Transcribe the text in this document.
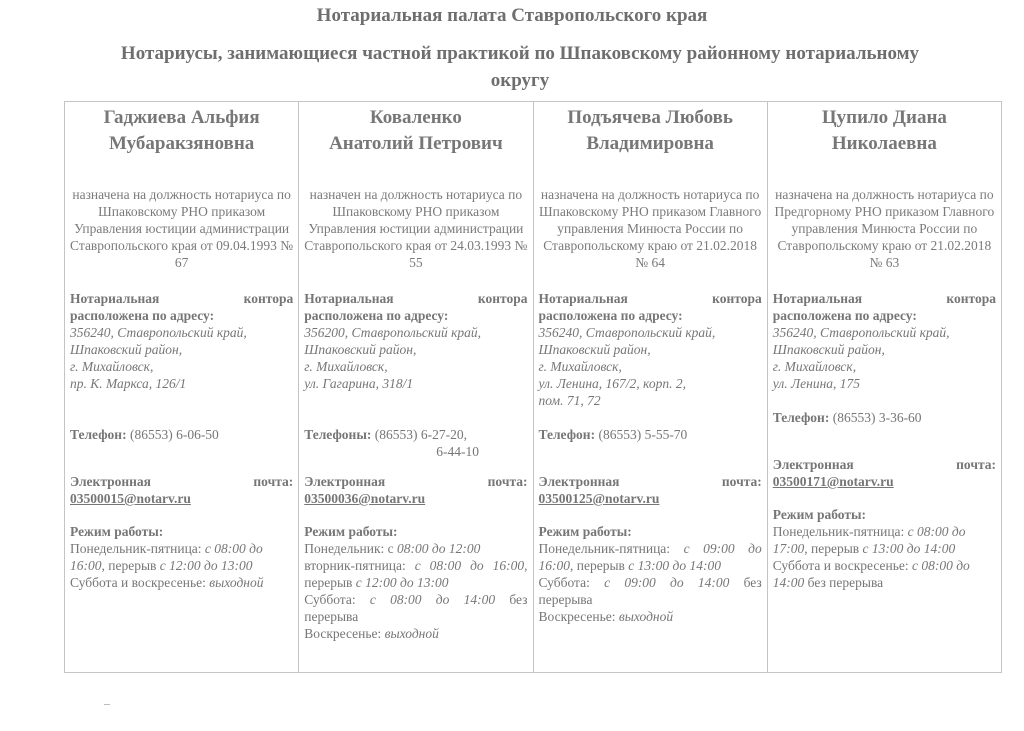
Нотариальная палата Ставропольского края
Нотариусы, занимающиеся частной практикой по Шпаковскому районному нотариальному округу
Гаджиева Альфия
Мубаракзяновна
назначена на должность нотариуса по Шпаковскому РНО приказом Управления юстиции администрации Ставропольского края от 09.04.1993 № 67
Нотариальная	контора
расположена по адресу:
356240, Ставропольский край,
Шпаковский район,
г. Михайловск,
пр. К. Маркса, 126/1
Телефон: (86553) 6-06-50
Электронная	почта:
03500015@notarv.ru
Режим работы:
Понедельник-пятница: с 08:00 до 16:00, перерыв с 12:00 до 13:00
Суббота и воскресенье: выходной

Коваленко
Анатолий Петрович
назначен на должность нотариуса по Шпаковскому РНО приказом Управления юстиции администрации Ставропольского края от 24.03.1993 № 55
Нотариальная	контора
расположена по адресу:
356200, Ставропольский край,
Шпаковский район,
г. Михайловск,
ул. Гагарина, 318/1
Телефоны: (86553) 6-27-20,
6-44-10
Электронная	почта:
03500036@notarv.ru
Режим работы:
Понедельник: с 08:00 до 12:00
вторник-пятница: с 08:00 до 16:00, перерыв с 12:00 до 13:00
Суббота: с 08:00 до 14:00 без перерыва
Воскресенье: выходной

Подъячева Любовь
Владимировна
назначена на должность нотариуса по Шпаковскому РНО приказом Главного управления Минюста России по Ставропольскому краю от 21.02.2018 № 64
Нотариальная	контора
расположена по адресу:
356240, Ставропольский край,
Шпаковский район,
г. Михайловск,
ул. Ленина, 167/2, корп. 2,
пом. 71, 72
Телефон: (86553) 5-55-70
Электронная	почта:
03500125@notarv.ru
Режим работы:
Понедельник-пятница: с 09:00 до 16:00, перерыв с 13:00 до 14:00
Суббота: с 09:00 до 14:00 без перерыва
Воскресенье: выходной

Цупило Диана
Николаевна
назначена на должность нотариуса по Предгорному РНО приказом Главного управления Минюста России по Ставропольскому краю от 21.02.2018 № 63
Нотариальная	контора
расположена по адресу:
356240, Ставропольский край,
Шпаковский район,
г. Михайловск,
ул. Ленина, 175
Телефон: (86553) 3-36-60
Электронная	почта:
03500171@notarv.ru
Режим работы:
Понедельник-пятница: с 08:00 до 17:00, перерыв с 13:00 до 14:00
Суббота и воскресенье: с 08:00 до 14:00 без перерыва
